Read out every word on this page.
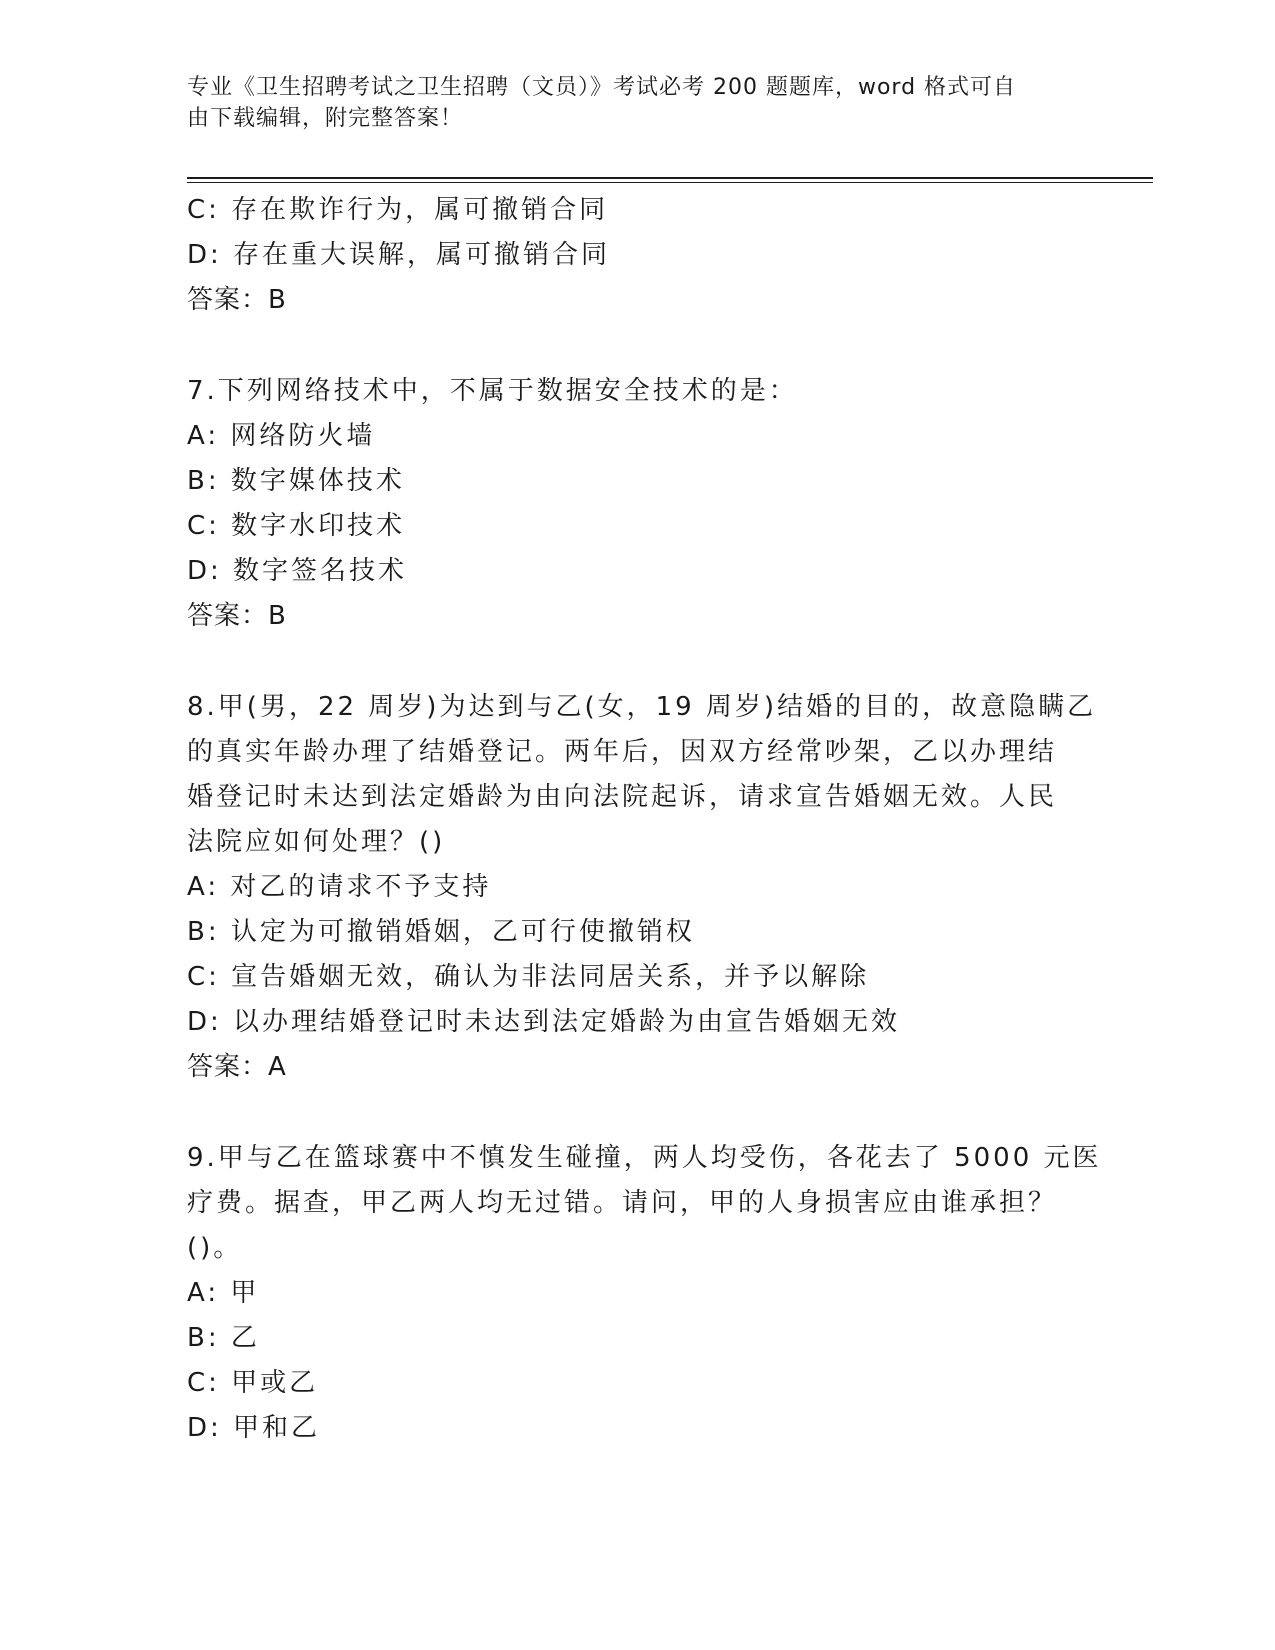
专业《卫生招聘考试之卫生招聘（文员）》考试必考 200 题题库，word 格式可自
由下载编辑，附完整答案！
C: 存在欺诈行为，属可撤销合同
D: 存在重大误解，属可撤销合同
答案：B
7.下列网络技术中，不属于数据安全技术的是：
A: 网络防火墙
B: 数字媒体技术
C: 数字水印技术
D: 数字签名技术
答案：B
8.甲(男，22 周岁)为达到与乙(女，19 周岁)结婚的目的，故意隐瞒乙
的真实年龄办理了结婚登记。两年后，因双方经常吵架，乙以办理结
婚登记时未达到法定婚龄为由向法院起诉，请求宣告婚姻无效。人民
法院应如何处理？()
A: 对乙的请求不予支持
B: 认定为可撤销婚姻，乙可行使撤销权
C: 宣告婚姻无效，确认为非法同居关系，并予以解除
D: 以办理结婚登记时未达到法定婚龄为由宣告婚姻无效
答案：A
9.甲与乙在篮球赛中不慎发生碰撞，两人均受伤，各花去了 5000 元医
疗费。据查，甲乙两人均无过错。请问，甲的人身损害应由谁承担？
()。
A: 甲
B: 乙
C: 甲或乙
D: 甲和乙
